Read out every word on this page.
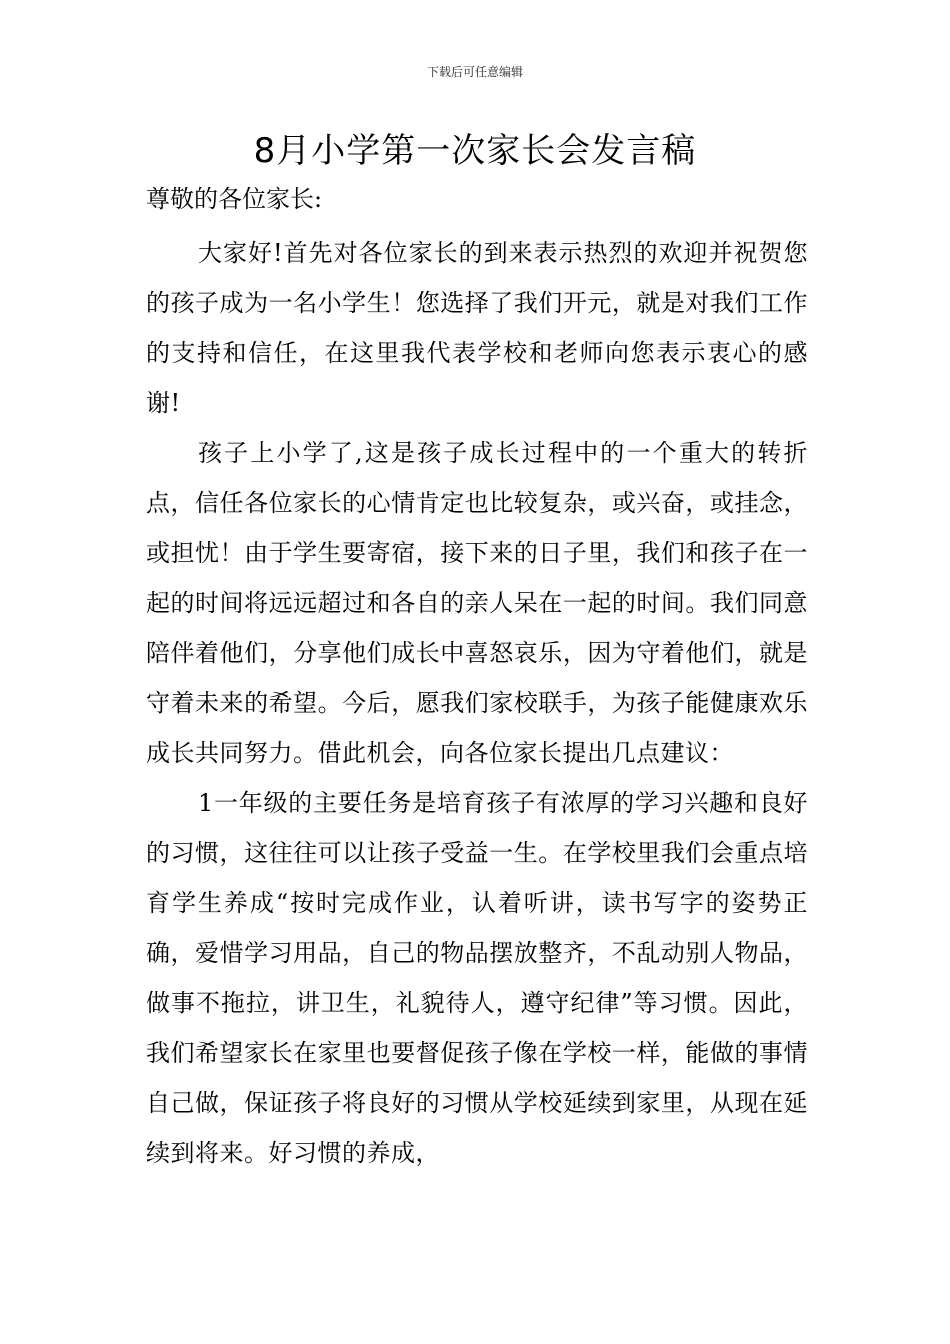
下载后可任意编辑
8月小学第一次家长会发言稿
尊敬的各位家长:

大家好!首先对各位家长的到来表示热烈的欢迎并祝贺您的孩子成为一名小学生！您选择了我们开元，就是对我们工作的支持和信任，在这里我代表学校和老师向您表示衷心的感谢!

孩子上小学了,这是孩子成长过程中的一个重大的转折点，信任各位家长的心情肯定也比较复杂，或兴奋，或挂念，或担忧！由于学生要寄宿，接下来的日子里，我们和孩子在一起的时间将远远超过和各自的亲人呆在一起的时间。我们同意陪伴着他们，分享他们成长中喜怒哀乐，因为守着他们，就是守着未来的希望。今后，愿我们家校联手，为孩子能健康欢乐成长共同努力。借此机会，向各位家长提出几点建议：

1一年级的主要任务是培育孩子有浓厚的学习兴趣和良好的习惯，这往往可以让孩子受益一生。在学校里我们会重点培育学生养成“按时完成作业，认着听讲，读书写字的姿势正确，爱惜学习用品，自己的物品摆放整齐，不乱动别人物品，做事不拖拉，讲卫生，礼貌待人，遵守纪律”等习惯。因此，我们希望家长在家里也要督促孩子像在学校一样，能做的事情自己做，保证孩子将良好的习惯从学校延续到家里，从现在延续到将来。好习惯的养成，
